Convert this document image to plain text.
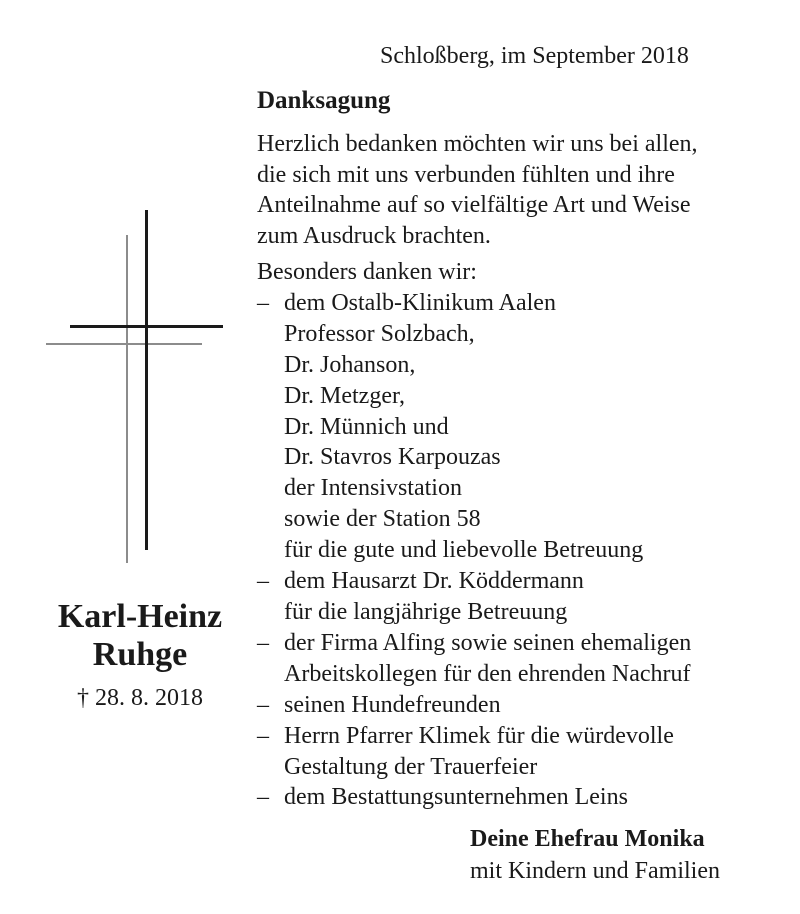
Schloßberg, im September 2018
Danksagung

Herzlich bedanken möchten wir uns bei allen,
die sich mit uns verbunden fühlten und ihre
Anteilnahme auf so vielfältige Art und Weise
zum Ausdruck brachten.

Besonders danken wir:
– dem Ostalb-Klinikum Aalen
Professor Solzbach,
Dr. Johanson,
Dr. Metzger,
Dr. Münnich und
Dr. Stavros Karpouzas
der Intensivstation
sowie der Station 58
für die gute und liebevolle Betreuung
– dem Hausarzt Dr. Köddermann
für die langjährige Betreuung
– der Firma Alfing sowie seinen ehemaligen
Arbeitskollegen für den ehrenden Nachruf
– seinen Hundefreunden
– Herrn Pfarrer Klimek für die würdevolle
Gestaltung der Trauerfeier
– dem Bestattungsunternehmen Leins
Karl-Heinz
Ruhge
† 28. 8. 2018
Deine Ehefrau Monika
mit Kindern und Familien
